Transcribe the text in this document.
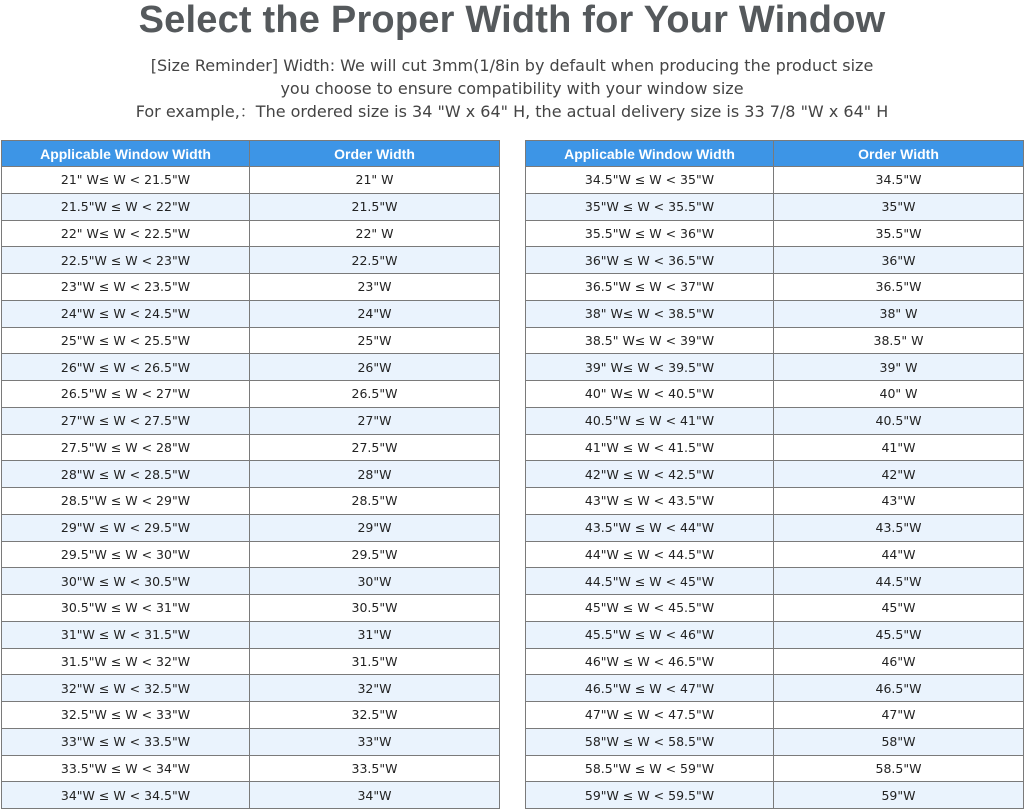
Select the Proper Width for Your Window
[Size Reminder] Width: We will cut 3mm(1/8in by default when producing the product size
you choose to ensure compatibility with your window size
For example,：The ordered size is 34 "W x 64" H, the actual delivery size is 33 7/8 "W x 64" H
Applicable Window Width	Order Width
21" W≤ W < 21.5"W	21" W
21.5"W ≤ W < 22"W	21.5"W
22" W≤ W < 22.5"W	22" W
22.5"W ≤ W < 23"W	22.5"W
23"W ≤ W < 23.5"W	23"W
24"W ≤ W < 24.5"W	24"W
25"W ≤ W < 25.5"W	25"W
26"W ≤ W < 26.5"W	26"W
26.5"W ≤ W < 27"W	26.5"W
27"W ≤ W < 27.5"W	27"W
27.5"W ≤ W < 28"W	27.5"W
28"W ≤ W < 28.5"W	28"W
28.5"W ≤ W < 29"W	28.5"W
29"W ≤ W < 29.5"W	29"W
29.5"W ≤ W < 30"W	29.5"W
30"W ≤ W < 30.5"W	30"W
30.5"W ≤ W < 31"W	30.5"W
31"W ≤ W < 31.5"W	31"W
31.5"W ≤ W < 32"W	31.5"W
32"W ≤ W < 32.5"W	32"W
32.5"W ≤ W < 33"W	32.5"W
33"W ≤ W < 33.5"W	33"W
33.5"W ≤ W < 34"W	33.5"W
34"W ≤ W < 34.5"W	34"W
Applicable Window Width	Order Width
34.5"W ≤ W < 35"W	34.5"W
35"W ≤ W < 35.5"W	35"W
35.5"W ≤ W < 36"W	35.5"W
36"W ≤ W < 36.5"W	36"W
36.5"W ≤ W < 37"W	36.5"W
38" W≤ W < 38.5"W	38" W
38.5" W≤ W < 39"W	38.5" W
39" W≤ W < 39.5"W	39" W
40" W≤ W < 40.5"W	40" W
40.5"W ≤ W < 41"W	40.5"W
41"W ≤ W < 41.5"W	41"W
42"W ≤ W < 42.5"W	42"W
43"W ≤ W < 43.5"W	43"W
43.5"W ≤ W < 44"W	43.5"W
44"W ≤ W < 44.5"W	44"W
44.5"W ≤ W < 45"W	44.5"W
45"W ≤ W < 45.5"W	45"W
45.5"W ≤ W < 46"W	45.5"W
46"W ≤ W < 46.5"W	46"W
46.5"W ≤ W < 47"W	46.5"W
47"W ≤ W < 47.5"W	47"W
58"W ≤ W < 58.5"W	58"W
58.5"W ≤ W < 59"W	58.5"W
59"W ≤ W < 59.5"W	59"W
